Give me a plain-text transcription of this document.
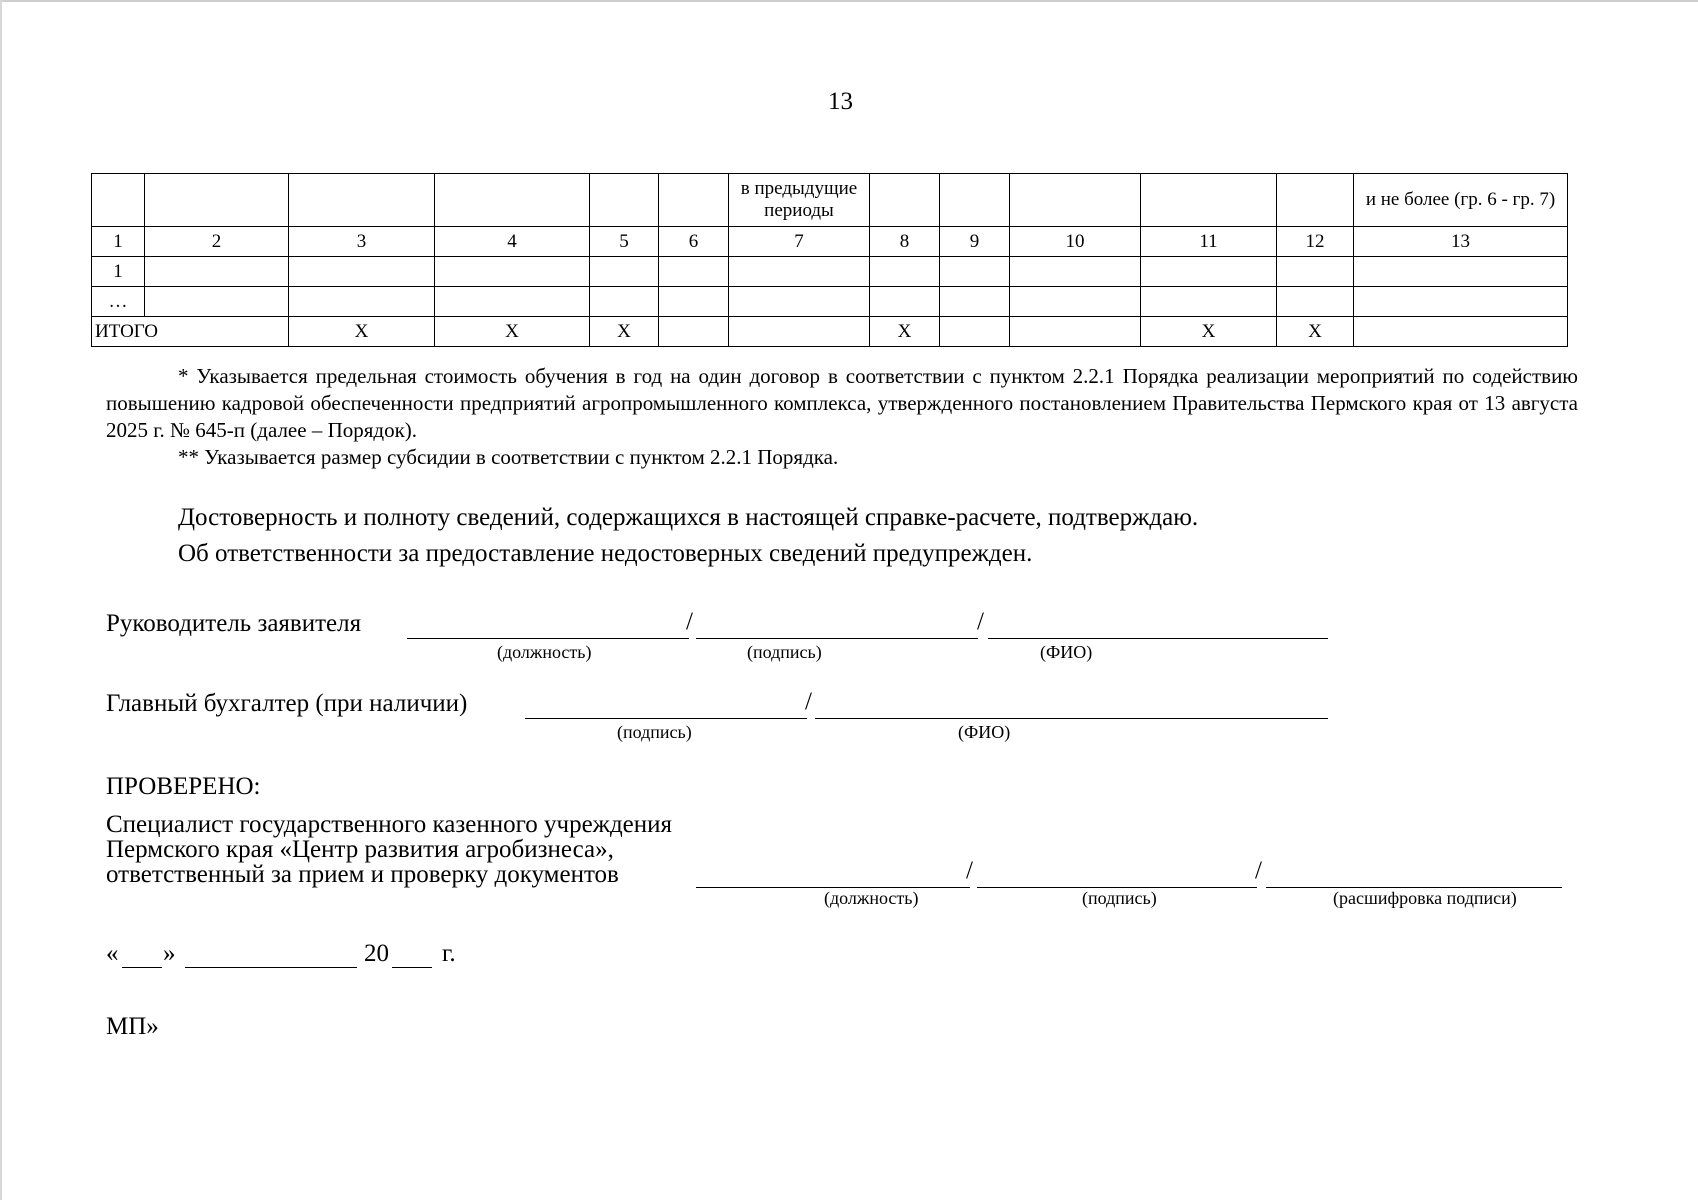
13
						в предыдущие периоды						и не более (гр. 6 - гр. 7)
1	2	3	4	5	6	7	8	9	10	11	12	13
1												
…												
ИТОГО		X	X	X			X			X	X	

* Указывается предельная стоимость обучения в год на один договор в соответствии с пунктом 2.2.1 Порядка реализации мероприятий по содействию повышению кадровой обеспеченности предприятий агропромышленного комплекса, утвержденного постановлением Правительства Пермского края от 13 августа 2025 г. № 645-п (далее – Порядок).

** Указывается размер субсидии в соответствии с пунктом 2.2.1 Порядка.

Достоверность и полноту сведений, содержащихся в настоящей справке-расчете, подтверждаю.
Об ответственности за предоставление недостоверных сведений предупрежден.
Руководитель заявителя	/	/
(должность)	(подпись)	(ФИО)
Главный бухгалтер (при наличии)	/
(подпись)	(ФИО)
ПРОВЕРЕНО:
Специалист государственного казенного учреждения
Пермского края «Центр развития агробизнеса»,
ответственный за прием и проверку документов	/	/
(должность)	(подпись)	(расшифровка подписи)
« »	20 г.
МП»
